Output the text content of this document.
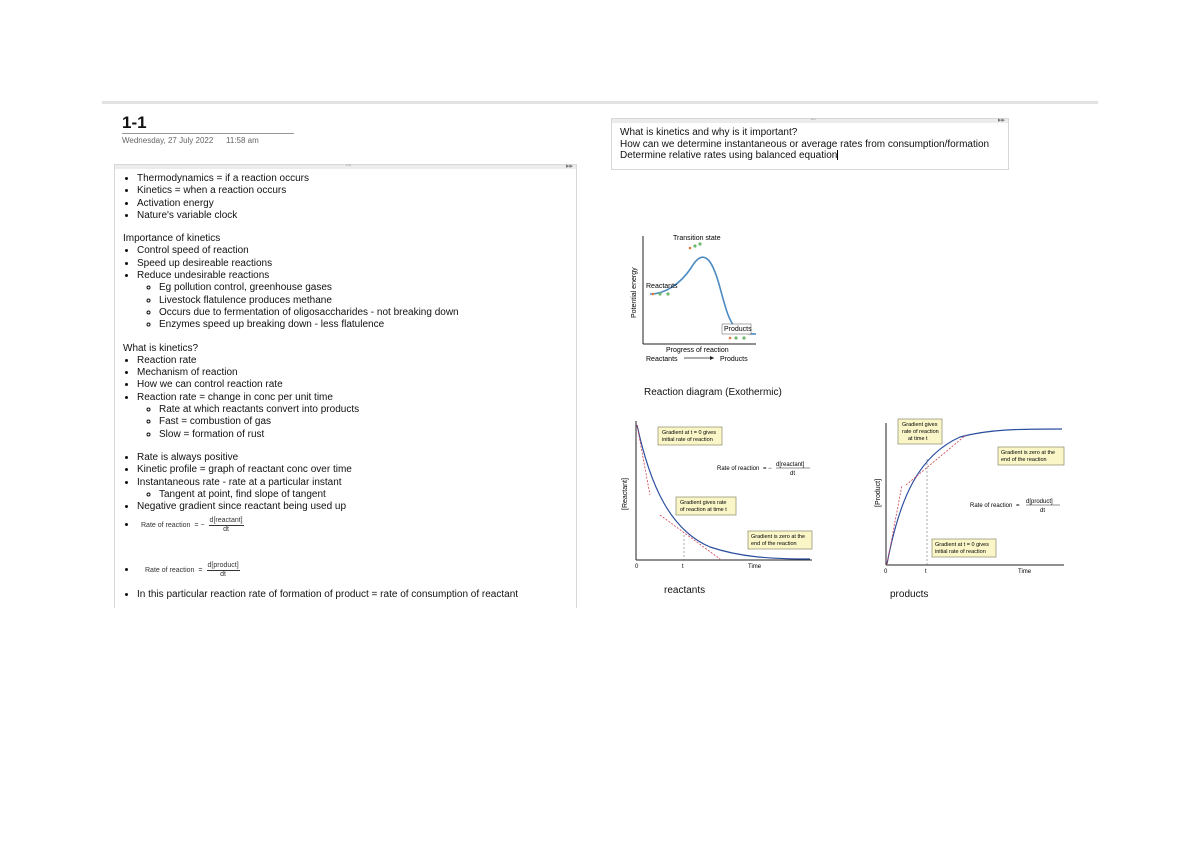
1-1
Wednesday, 27 July 2022 11:58 am
····	▸▸
• Thermodynamics = if a reaction occurs
• Kinetics = when a reaction occurs
• Activation energy
• Nature's variable clock

Importance of kinetics

• Control speed of reaction
• Speed up desireable reactions
• Reduce undesirable reactions
◦ Eg pollution control, greenhouse gases
◦ Livestock flatulence produces methane
◦ Occurs due to fermentation of oligosaccharides - not breaking down
◦ Enzymes speed up breaking down - less flatulence

What is kinetics?

• Reaction rate
• Mechanism of reaction
• How we can control reaction rate
• Reaction rate = change in conc per unit time
◦ Rate at which reactants convert into products
◦ Fast = combustion of gas
◦ Slow = formation of rust
• Rate is always positive
• Kinetic profile = graph of reactant conc over time
• Instantaneous rate - rate at a particular instant
◦ Tangent at point, find slope of tangent
• Negative gradient since reactant being used up
• Rate of reaction = − $\frac{\text{d[reactant]}}{dt}$
• Rate of reaction = $\frac{\text{d[product]}}{dt}$
• In this particular reaction rate of formation of product = rate of consumption of reactant
····	▸▸
What is kinetics and why is it important?
How can we determine instantaneous or average rates from consumption/formation
Determine relative rates using balanced equation
Transition state
Reactants
Products
Potential energy
Progress of reaction
Reactants	Products
Reaction diagram (Exothermic)
[Reactant]
0	t	Time
Gradient at t = 0 gives
initial rate of reaction
Gradient gives rate
of reaction at time t
Gradient is zero at the
end of the reaction
Rate of reaction = −
d[reactant]
dt
reactants
[Product]
0	t	Time
Gradient gives
rate of reaction
at time t
Gradient is zero at the
end of the reaction
Gradient at t = 0 gives
initial rate of reaction
Rate of reaction =
d[product]
dt
products
